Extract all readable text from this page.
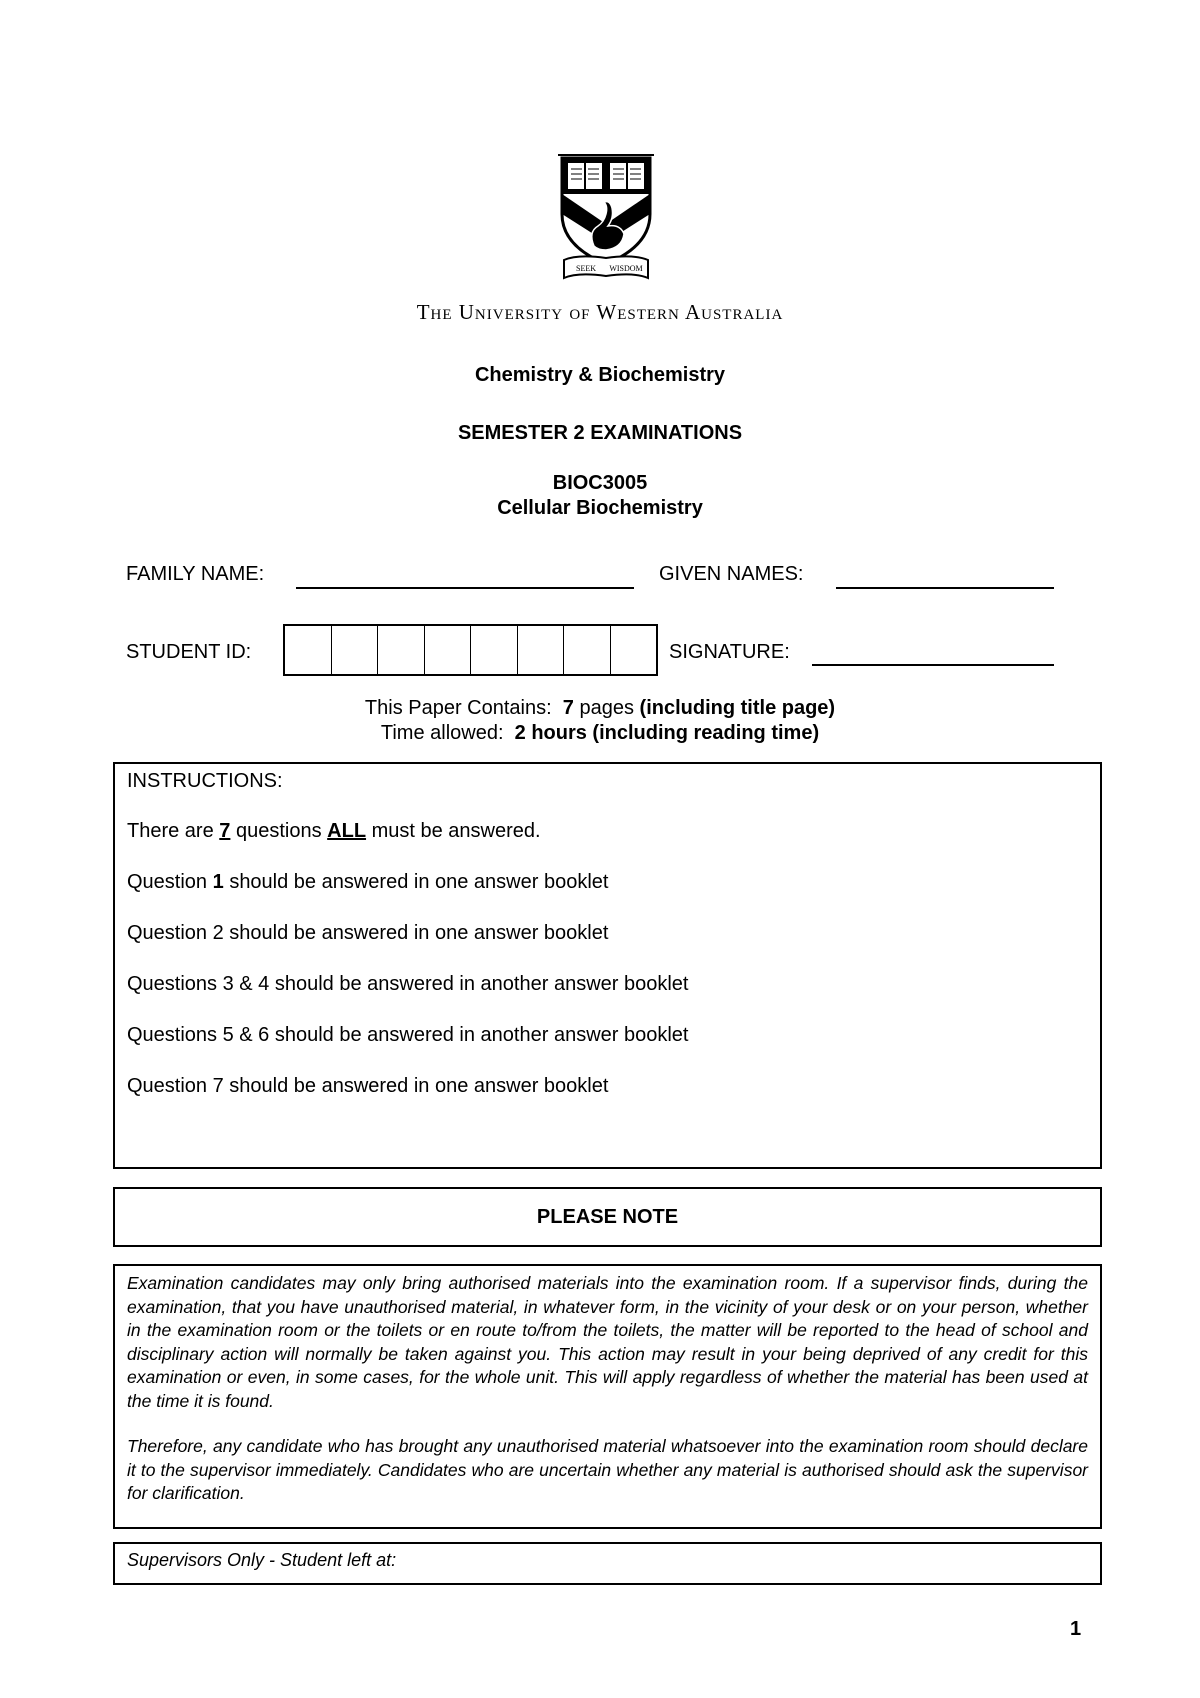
SEEK WISDOM
The University of Western Australia
Chemistry & Biochemistry
SEMESTER 2 EXAMINATIONS
BIOC3005
Cellular Biochemistry
FAMILY NAME:	GIVEN NAMES:
STUDENT ID:	SIGNATURE:
This Paper Contains: 7 pages (including title page)
Time allowed: 2 hours (including reading time)

INSTRUCTIONS:

There are 7 questions ALL must be answered.

Question 1 should be answered in one answer booklet

Question 2 should be answered in one answer booklet

Questions 3 & 4 should be answered in another answer booklet

Questions 5 & 6 should be answered in another answer booklet

Question 7 should be answered in one answer booklet

PLEASE NOTE

Examination candidates may only bring authorised materials into the examination room. If a supervisor finds, during the examination, that you have unauthorised material, in whatever form, in the vicinity of your desk or on your person, whether in the examination room or the toilets or en route to/from the toilets, the matter will be reported to the head of school and disciplinary action will normally be taken against you. This action may result in your being deprived of any credit for this examination or even, in some cases, for the whole unit. This will apply regardless of whether the material has been used at the time it is found.

Therefore, any candidate who has brought any unauthorised material whatsoever into the examination room should declare it to the supervisor immediately. Candidates who are uncertain whether any material is authorised should ask the supervisor for clarification.

Supervisors Only - Student left at:
1
